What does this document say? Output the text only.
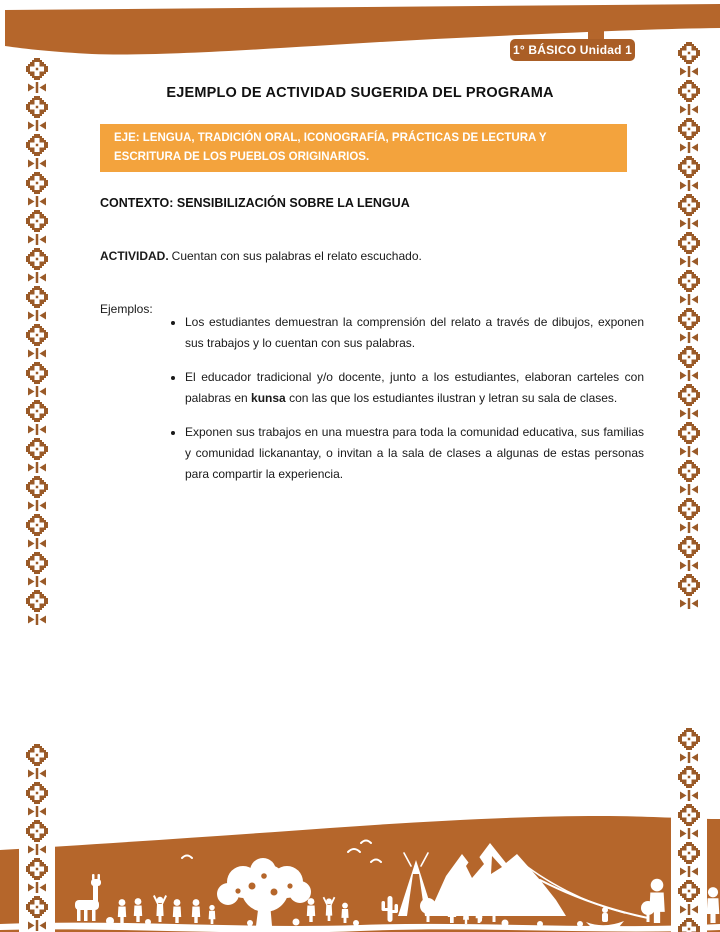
1° BÁSICO Unidad 1
EJEMPLO DE ACTIVIDAD SUGERIDA DEL PROGRAMA
EJE: LENGUA, TRADICIÓN ORAL, ICONOGRAFÍA, PRÁCTICAS DE LECTURA Y ESCRITURA DE LOS PUEBLOS ORIGINARIOS.
CONTEXTO: SENSIBILIZACIÓN SOBRE LA LENGUA

ACTIVIDAD. Cuentan con sus palabras el relato escuchado.

Ejemplos:
• Los estudiantes demuestran la comprensión del relato a través de dibujos, exponen sus trabajos y lo cuentan con sus palabras.
• El educador tradicional y/o docente, junto a los estudiantes, elaboran carteles con palabras en kunsa con las que los estudiantes ilustran y letran su sala de clases.
• Exponen sus trabajos en una muestra para toda la comunidad educativa, sus familias y comunidad lickanantay, o invitan a la sala de clases a algunas de estas personas para compartir la experiencia.
